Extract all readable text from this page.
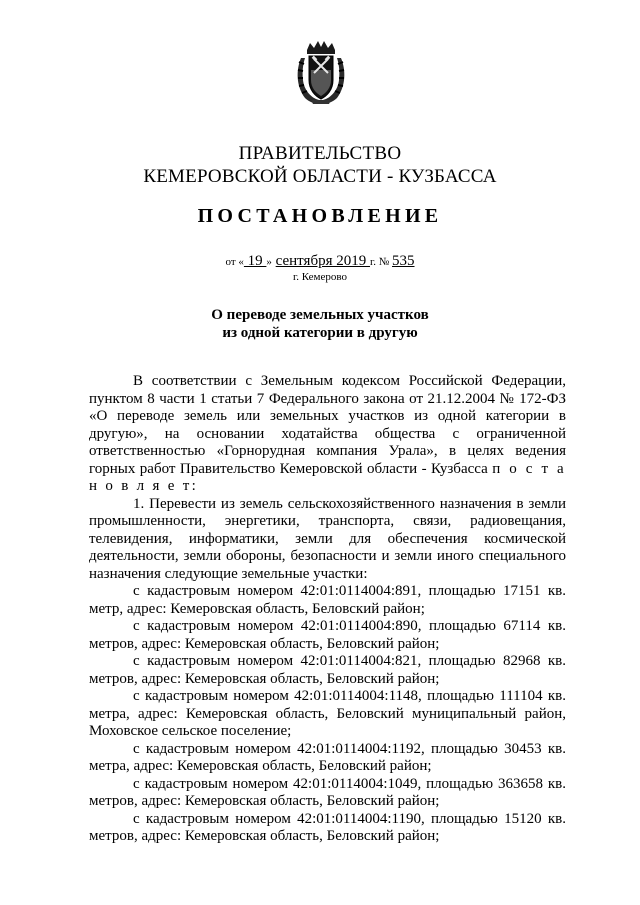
ПРАВИТЕЛЬСТВО
КЕМЕРОВСКОЙ ОБЛАСТИ - КУЗБАССА
ПОСТАНОВЛЕНИЕ
от « 19 » сентября 2019 г. № 535
г. Кемерово
О переводе земельных участков
из одной категории в другую

В соответствии с Земельным кодексом Российской Федерации, пунктом 8 части 1 статьи 7 Федерального закона от 21.12.2004 № 172-ФЗ «О переводе земель или земельных участков из одной категории в другую», на основании ходатайства общества с ограниченной ответственностью «Горнорудная компания Урала», в целях ведения горных работ Правительство Кемеровской области - Кузбасса п о с т а н о в л я е т:

1. Перевести из земель сельскохозяйственного назначения в земли промышленности, энергетики, транспорта, связи, радиовещания, телевидения, информатики, земли для обеспечения космической деятельности, земли обороны, безопасности и земли иного специального назначения следующие земельные участки:

с кадастровым номером 42:01:0114004:891, площадью 17151 кв. метр, адрес: Кемеровская область, Беловский район;

с кадастровым номером 42:01:0114004:890, площадью 67114 кв. метров, адрес: Кемеровская область, Беловский район;

с кадастровым номером 42:01:0114004:821, площадью 82968 кв. метров, адрес: Кемеровская область, Беловский район;

с кадастровым номером 42:01:0114004:1148, площадью 111104 кв. метра, адрес: Кемеровская область, Беловский муниципальный район, Моховское сельское поселение;

с кадастровым номером 42:01:0114004:1192, площадью 30453 кв. метра, адрес: Кемеровская область, Беловский район;

с кадастровым номером 42:01:0114004:1049, площадью 363658 кв. метров, адрес: Кемеровская область, Беловский район;

с кадастровым номером 42:01:0114004:1190, площадью 15120 кв. метров, адрес: Кемеровская область, Беловский район;
